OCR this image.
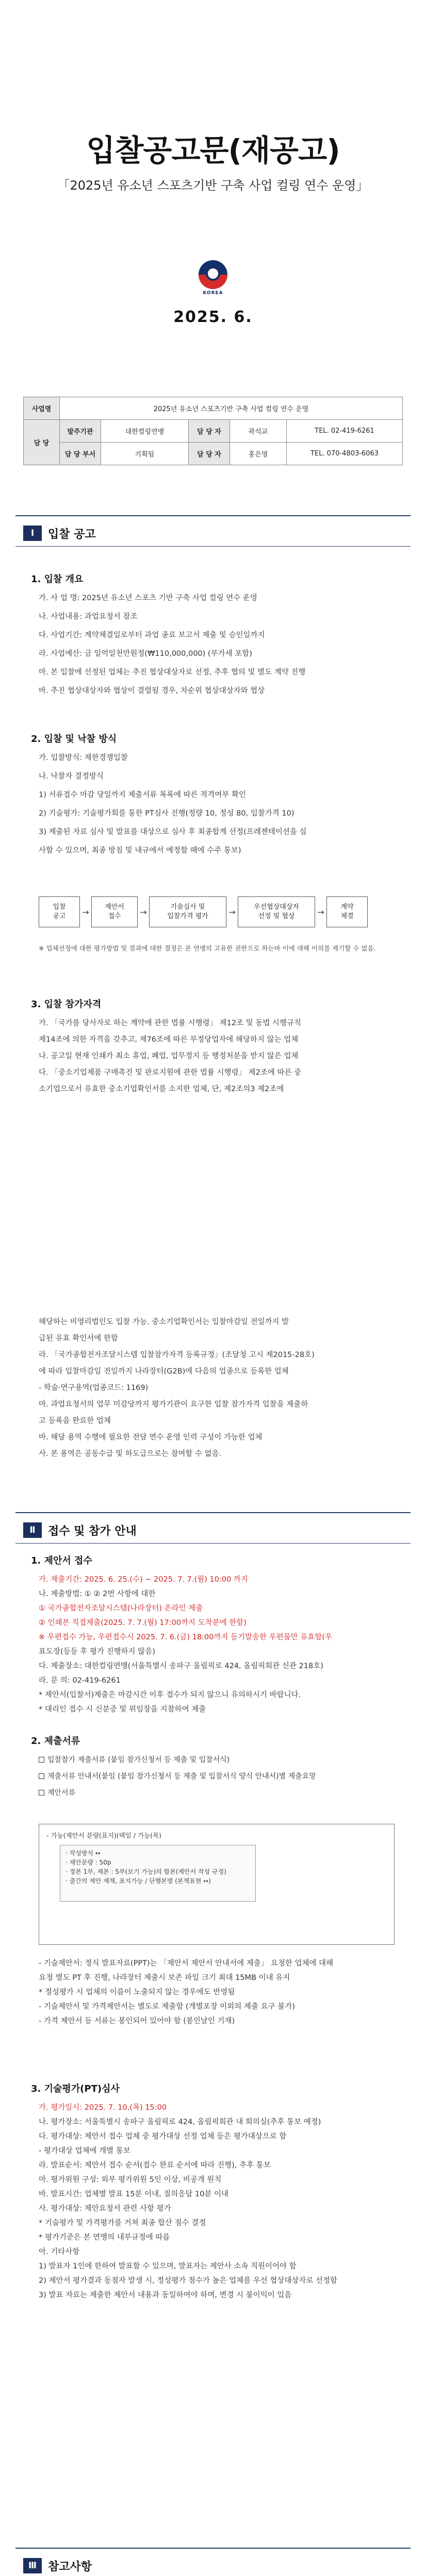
입찰공고문(재공고)
「2025년 유소년 스포츠기반 구축 사업 컬링 연수 운영」
KOREA
2025. 6.
사업명	2025년 유소년 스포츠기반 구축 사업 컬링 연수 운영				
담 당	발주기관	대한컬링연맹	담 당 자	곽석교	TEL. 02-419-6261
	담 당 부서	기획팀	담 당 자	홍은영	TEL. 070-4803-6063
Ⅰ	입찰 공고
1. 입찰 개요
가. 사 업 명: 2025년 유소년 스포츠 기반 구축 사업 컬링 연수 운영
나. 사업내용: 과업요청서 참조
다. 사업기간: 계약체결일로부터 과업 종료 보고서 제출 및 승인일까지
라. 사업예산: 금 일억일천만원정(₩110,000,000) (부가세 포함)
마. 본 입찰에 선정된 업체는 추진 협상대상자로 선정, 추후 협의 및 별도 계약 진행
바. 추진 협상대상자와 협상이 결렬될 경우, 차순위 협상대상자와 협상
2. 입찰 및 낙찰 방식
가. 입찰방식: 제한경쟁입찰
나. 낙찰자 결정방식
1) 서류접수 마감 당일까지 제출서류 목록에 따른 적격여부 확인
2) 기술평가: 기술평가회를 통한 PT심사 진행(정량 10, 정성 80, 입찰가격 10)
3) 제출된 자료 심사 및 발표를 대상으로 심사 후 최종합계 선정(프레젠테이션을 심
사할 수 있으며, 최종 방침 및 내규에서 예정할 때에 수주 통보)
입찰
공고	→	제안서
접수	→	기술심사 및
입찰가격 평가	→	우선협상대상자
선정 및 협상	→	계약
체결
※ 업체선정에 대한 평가방법 및 결과에 대한 결정은 본 연맹의 고유한 권한으로 하는바 이에 대해 이의를 제기할 수 없음.
3. 입찰 참가자격
가. 「국가를 당사자로 하는 계약에 관한 법률 시행령」 제12조 및 동법 시행규칙
제14조에 의한 자격을 갖추고, 제76조에 따른 부정당업자에 해당하지 않는 업체
나. 공고일 현재 인쇄가 최소 휴업, 폐업, 업무정지 등 행정처분을 받지 않은 업체
다. 「중소기업제품 구매촉진 및 판로지원에 관한 법률 시행령」 제2조에 따른 중
소기업으로서 유효한 중소기업확인서를 소지한 업체, 단, 제2조의3 제2조에
해당하는 비영리법인도 입찰 가능. 중소기업확인서는 입찰마감일 전일까지 발
급된 유효 확인서에 한함
라. 「국가종합전자조달시스템 입찰참가자격 등록규정」(조달청 고시 제2015-28호)
에 따라 입찰마감일 전일까지 나라장터(G2B)에 다음의 업종으로 등록한 업체
- 학술·연구용역(업종코드: 1169)
마. 과업요청서의 업무 미감당까지 평가기관이 요구한 입찰 참가자격 입찰을 제출하
고 등록을 완료한 업체
바. 해당 용역 수행에 필요한 전담 연수 운영 인력 구성이 가능한 업체
사. 본 용역은 공동수급 및 하도급으로는 참여할 수 없음.
Ⅱ	접수 및 참가 안내
1. 제안서 접수
가. 제출기간: 2025. 6. 25.(수) ~ 2025. 7. 7.(월) 10:00 까지
나. 제출방법: ① ② 2번 사항에 대한
① 국가종합전자조달시스템(나라장터) 온라인 제출
② 인쇄본 직접제출(2025. 7. 7.(월) 17:00까지 도착분에 한함)
※ 우편접수 가능, 우편접수시 2025. 7. 6.(금) 18:00까지 등기발송한 우편물만 유효함(우
표도장(등등 후 평가 진행하지 않음)
다. 제출장소: 대한컬링연맹(서울특별시 송파구 올림픽로 424, 올림픽회관 신관 218호)
라. 문 의: 02-419-6261
* 제안서(입찰서)제출은 마감시간 이후 접수가 되지 않으니 유의하시기 바랍니다.
* 대리인 접수 시 신분증 및 위임장을 지참하여 제출
2. 제출서류
입찰참가 제출서류 (붙임 참가신청서 등 제출 및 입찰서식)
제출서류 안내서(붙임 (붙임 참가신청서 등 제출 및 입찰서식 양식 안내서)별 제출요망
제안서류
- 가능(제안서 분량(표지)(택일 / 가능(목)
· 작성방식 ↔
· 제안분량 : 50p
· 정본 1부, 제본 : 5부(보기 가능)의 합본(제안서 작성 규정)
· 출간의 제안 제책, 표지가능 / 단행본별 (본책표현 ↔)
- 기술제안서: 정식 발표자료(PPT)는 「제안서 제안서 안내서에 제출」 요청한 업체에 대해
요청 별도 PT 후 진행, 나라장터 제출시 보존 파일 크기 최대 15MB 이내 유지
* 정성평가 시 업체의 이름이 노출되지 않는 경우에도 반영됨
- 기술제안서 및 가격제안서는 별도로 제출함 (개별포장 이외의 제출 요구 불가)
- 가격 제안서 등 서류는 봉인되어 있어야 함 (봉인날인 기재)
3. 기술평가(PT)심사
가. 평가일시: 2025. 7. 10.(목) 15:00
나. 평가장소: 서울특별시 송파구 올림픽로 424, 올림픽회관 내 회의실(추후 통보 예정)
다. 평가대상: 제안서 접수 업체 중 평가대상 선정 업체 등은 평가대상으로 함
- 평가대상 업체에 개별 통보
라. 발표순서: 제안서 접수 순서(접수 완료 순서에 따라 진행), 추후 통보
마. 평가위원 구성: 외부 평가위원 5인 이상, 비공개 원칙
바. 발표시간: 업체별 발표 15분 이내, 질의응답 10분 이내
사. 평가대상: 제안요청서 관련 사항 평가
* 기술평가 및 가격평가를 거쳐 최종 합산 점수 결정
* 평가기준은 본 연맹의 내부규정에 따름
아. 기타사항
1) 발표자 1인에 한하여 발표할 수 있으며, 발표자는 제안사 소속 직원이어야 함
2) 제안서 평가결과 동점자 발생 시, 정성평가 점수가 높은 업체를 우선 협상대상자로 선정함
3) 발표 자료는 제출한 제안서 내용과 동일하여야 하며, 변경 시 불이익이 있음
Ⅲ 참고사항
